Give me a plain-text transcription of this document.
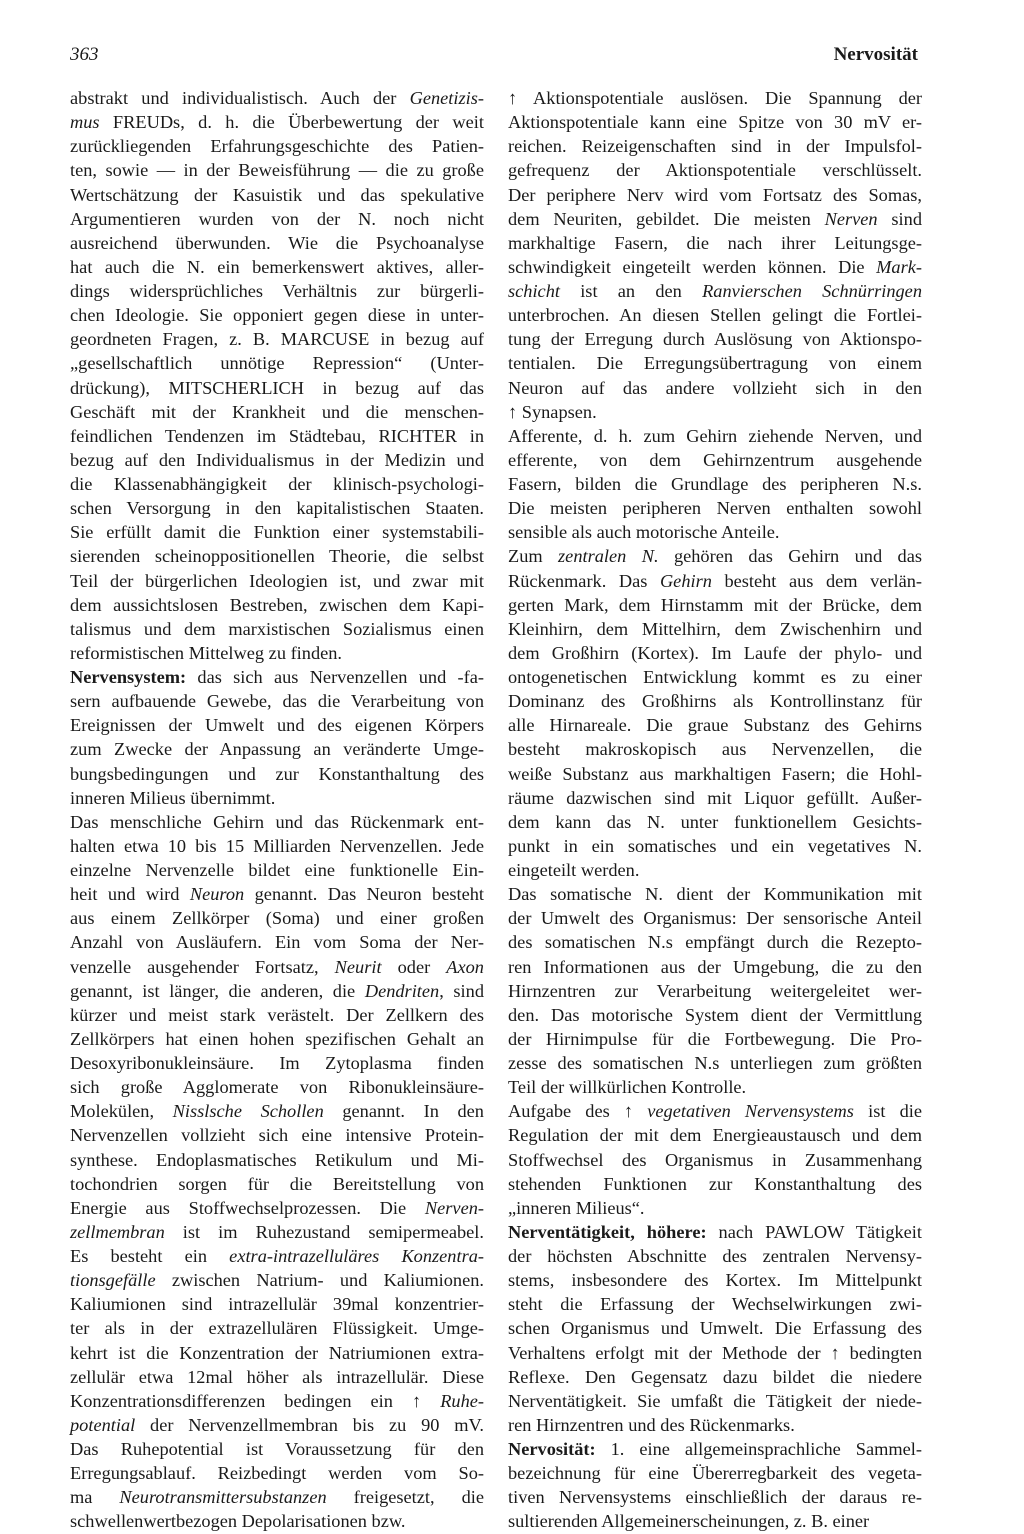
363	Nervosität
abstrakt und individualistisch. Auch der Genetizis-
mus FREUDs, d. h. die Überbewertung der weit
zurückliegenden Erfahrungsgeschichte des Patien-
ten, sowie — in der Beweisführung — die zu große
Wertschätzung der Kasuistik und das spekulative
Argumentieren wurden von der N. noch nicht
ausreichend überwunden. Wie die Psychoanalyse
hat auch die N. ein bemerkenswert aktives, aller-
dings widersprüchliches Verhältnis zur bürgerli-
chen Ideologie. Sie opponiert gegen diese in unter-
geordneten Fragen, z. B. MARCUSE in bezug auf
„gesellschaftlich unnötige Repression“ (Unter-
drückung), MITSCHERLICH in bezug auf das
Geschäft mit der Krankheit und die menschen-
feindlichen Tendenzen im Städtebau, RICHTER in
bezug auf den Individualismus in der Medizin und
die Klassenabhängigkeit der klinisch-psychologi-
schen Versorgung in den kapitalistischen Staaten.
Sie erfüllt damit die Funktion einer systemstabili-
sierenden scheinoppositionellen Theorie, die selbst
Teil der bürgerlichen Ideologien ist, und zwar mit
dem aussichtslosen Bestreben, zwischen dem Kapi-
talismus und dem marxistischen Sozialismus einen
reformistischen Mittelweg zu finden.
Nervensystem: das sich aus Nervenzellen und -fa-
sern aufbauende Gewebe, das die Verarbeitung von
Ereignissen der Umwelt und des eigenen Körpers
zum Zwecke der Anpassung an veränderte Umge-
bungsbedingungen und zur Konstanthaltung des
inneren Milieus übernimmt.
Das menschliche Gehirn und das Rückenmark ent-
halten etwa 10 bis 15 Milliarden Nervenzellen. Jede
einzelne Nervenzelle bildet eine funktionelle Ein-
heit und wird Neuron genannt. Das Neuron besteht
aus einem Zellkörper (Soma) und einer großen
Anzahl von Ausläufern. Ein vom Soma der Ner-
venzelle ausgehender Fortsatz, Neurit oder Axon
genannt, ist länger, die anderen, die Dendriten, sind
kürzer und meist stark verästelt. Der Zellkern des
Zellkörpers hat einen hohen spezifischen Gehalt an
Desoxyribonukleinsäure. Im Zytoplasma finden
sich große Agglomerate von Ribonukleinsäure-
Molekülen, Nisslsche Schollen genannt. In den
Nervenzellen vollzieht sich eine intensive Protein-
synthese. Endoplasmatisches Retikulum und Mi-
tochondrien sorgen für die Bereitstellung von
Energie aus Stoffwechselprozessen. Die Nerven-
zellmembran ist im Ruhezustand semipermeabel.
Es besteht ein extra-intrazelluläres Konzentra-
tionsgefälle zwischen Natrium- und Kaliumionen.
Kaliumionen sind intrazellulär 39mal konzentrier-
ter als in der extrazellulären Flüssigkeit. Umge-
kehrt ist die Konzentration der Natriumionen extra-
zellulär etwa 12mal höher als intrazellulär. Diese
Konzentrationsdifferenzen bedingen ein ↑ Ruhe-
potential der Nervenzellmembran bis zu 90 mV.
Das Ruhepotential ist Voraussetzung für den
Erregungsablauf. Reizbedingt werden vom So-
ma Neurotransmittersubstanzen freigesetzt, die
schwellenwertbezogen Depolarisationen bzw.
↑ Aktionspotentiale auslösen. Die Spannung der
Aktionspotentiale kann eine Spitze von 30 mV er-
reichen. Reizeigenschaften sind in der Impulsfol-
gefrequenz der Aktionspotentiale verschlüsselt.
Der periphere Nerv wird vom Fortsatz des Somas,
dem Neuriten, gebildet. Die meisten Nerven sind
markhaltige Fasern, die nach ihrer Leitungsge-
schwindigkeit eingeteilt werden können. Die Mark-
schicht ist an den Ranvierschen Schnürringen
unterbrochen. An diesen Stellen gelingt die Fortlei-
tung der Erregung durch Auslösung von Aktionspo-
tentialen. Die Erregungsübertragung von einem
Neuron auf das andere vollzieht sich in den
↑ Synapsen.
Afferente, d. h. zum Gehirn ziehende Nerven, und
efferente, von dem Gehirnzentrum ausgehende
Fasern, bilden die Grundlage des peripheren N.s.
Die meisten peripheren Nerven enthalten sowohl
sensible als auch motorische Anteile.
Zum zentralen N. gehören das Gehirn und das
Rückenmark. Das Gehirn besteht aus dem verlän-
gerten Mark, dem Hirnstamm mit der Brücke, dem
Kleinhirn, dem Mittelhirn, dem Zwischenhirn und
dem Großhirn (Kortex). Im Laufe der phylo- und
ontogenetischen Entwicklung kommt es zu einer
Dominanz des Großhirns als Kontrollinstanz für
alle Hirnareale. Die graue Substanz des Gehirns
besteht makroskopisch aus Nervenzellen, die
weiße Substanz aus markhaltigen Fasern; die Hohl-
räume dazwischen sind mit Liquor gefüllt. Außer-
dem kann das N. unter funktionellem Gesichts-
punkt in ein somatisches und ein vegetatives N.
eingeteilt werden.
Das somatische N. dient der Kommunikation mit
der Umwelt des Organismus: Der sensorische Anteil
des somatischen N.s empfängt durch die Rezepto-
ren Informationen aus der Umgebung, die zu den
Hirnzentren zur Verarbeitung weitergeleitet wer-
den. Das motorische System dient der Vermittlung
der Hirnimpulse für die Fortbewegung. Die Pro-
zesse des somatischen N.s unterliegen zum größten
Teil der willkürlichen Kontrolle.
Aufgabe des ↑ vegetativen Nervensystems ist die
Regulation der mit dem Energieaustausch und dem
Stoffwechsel des Organismus in Zusammenhang
stehenden Funktionen zur Konstanthaltung des
„inneren Milieus“.
Nerventätigkeit, höhere: nach PAWLOW Tätigkeit
der höchsten Abschnitte des zentralen Nervensy-
stems, insbesondere des Kortex. Im Mittelpunkt
steht die Erfassung der Wechselwirkungen zwi-
schen Organismus und Umwelt. Die Erfassung des
Verhaltens erfolgt mit der Methode der ↑ bedingten
Reflexe. Den Gegensatz dazu bildet die niedere
Nerventätigkeit. Sie umfaßt die Tätigkeit der niede-
ren Hirnzentren und des Rückenmarks.
Nervosität: 1. eine allgemeinsprachliche Sammel-
bezeichnung für eine Übererregbarkeit des vegeta-
tiven Nervensystems einschließlich der daraus re-
sultierenden Allgemeinerscheinungen, z. B. einer
